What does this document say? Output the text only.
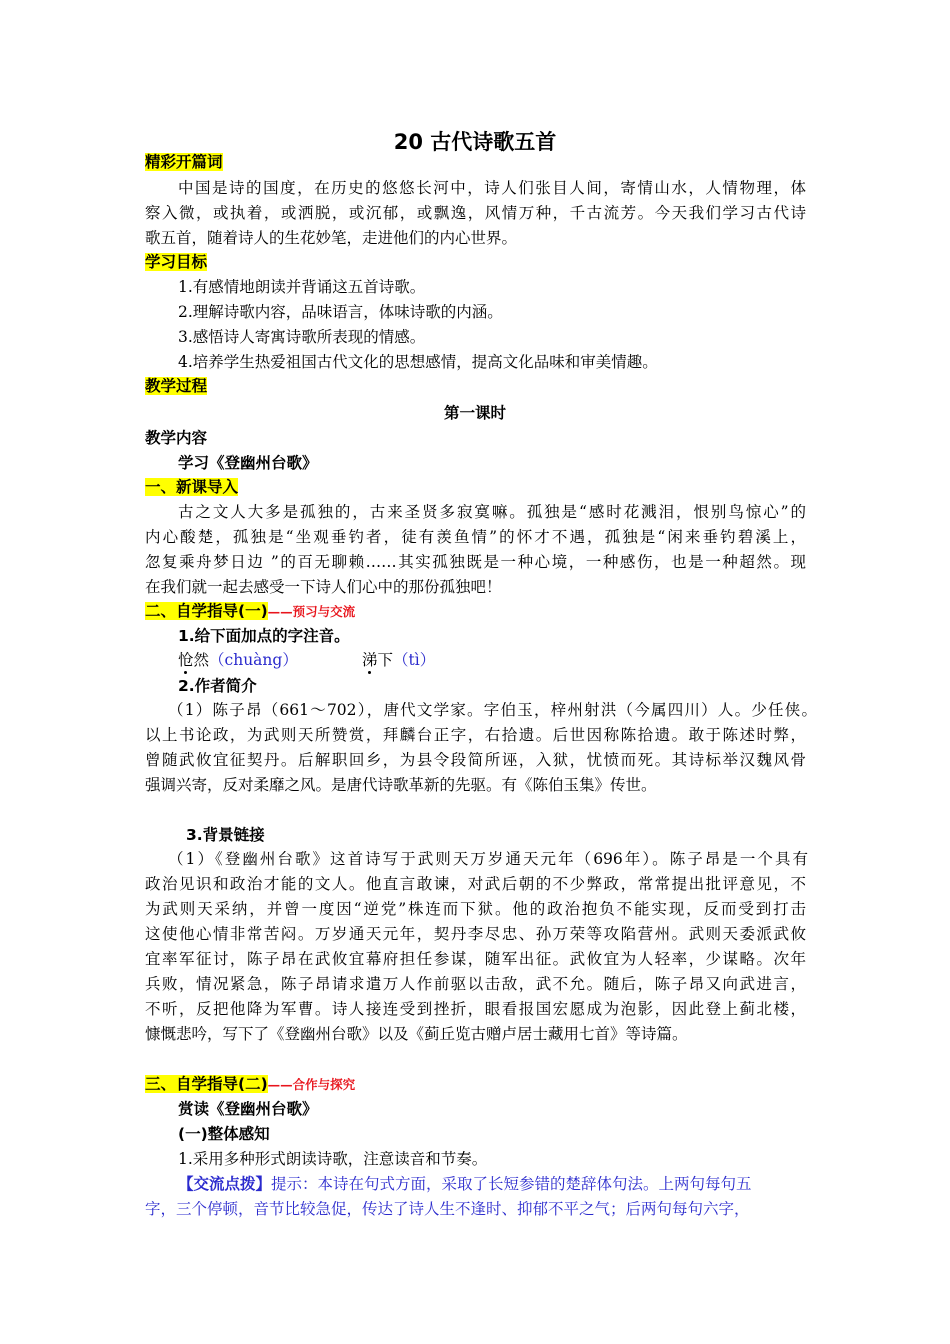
20 古代诗歌五首
精彩开篇词
中国是诗的国度，在历史的悠悠长河中，诗人们张目人间，寄情山水，人情物理，体
察入微，或执着，或洒脱，或沉郁，或飘逸，风情万种，千古流芳。今天我们学习古代诗
歌五首，随着诗人的生花妙笔，走进他们的内心世界。
学习目标
1.有感情地朗读并背诵这五首诗歌。
2.理解诗歌内容，品味语言，体味诗歌的内涵。
3.感悟诗人寄寓诗歌所表现的情感。
4.培养学生热爱祖国古代文化的思想感情，提高文化品味和审美情趣。
教学过程
第一课时
教学内容
学习《登幽州台歌》
一、新课导入
古之文人大多是孤独的，古来圣贤多寂寞嘛。孤独是“感时花溅泪，恨别鸟惊心”的
内心酸楚，孤独是“坐观垂钓者，徒有羡鱼情”的怀才不遇，孤独是“闲来垂钓碧溪上，
忽复乘舟梦日边 ”的百无聊赖……其实孤独既是一种心境，一种感伤，也是一种超然。现
在我们就一起去感受一下诗人们心中的那份孤独吧！
二、自学指导(一)——预习与交流
1.给下面加点的字注音。
怆然（chuàng）	涕下（tì）
2.作者简介
（1）陈子昂（661～702），唐代文学家。字伯玉，梓州射洪（今属四川）人。少任侠。
以上书论政，为武则天所赞赏，拜麟台正字，右拾遗。后世因称陈拾遗。敢于陈述时弊，
曾随武攸宜征契丹。后解职回乡，为县令段简所诬，入狱，忧愤而死。其诗标举汉魏风骨
强调兴寄，反对柔靡之风。是唐代诗歌革新的先驱。有《陈伯玉集》传世。
3.背景链接
（1）《登幽州台歌》这首诗写于武则天万岁通天元年（696年）。陈子昂是一个具有
政治见识和政治才能的文人。他直言敢谏，对武后朝的不少弊政，常常提出批评意见，不
为武则天采纳，并曾一度因“逆党”株连而下狱。他的政治抱负不能实现，反而受到打击
这使他心情非常苦闷。万岁通天元年，契丹李尽忠、孙万荣等攻陷营州。武则天委派武攸
宜率军征讨，陈子昂在武攸宜幕府担任参谋，随军出征。武攸宜为人轻率，少谋略。次年
兵败，情况紧急，陈子昂请求遣万人作前驱以击敌，武不允。随后，陈子昂又向武进言，
不听，反把他降为军曹。诗人接连受到挫折，眼看报国宏愿成为泡影，因此登上蓟北楼，
慷慨悲吟，写下了《登幽州台歌》以及《蓟丘览古赠卢居士藏用七首》等诗篇。
三、自学指导(二)——合作与探究
赏读《登幽州台歌》
(一)整体感知
1.采用多种形式朗读诗歌，注意读音和节奏。
【交流点拨】提示：本诗在句式方面，采取了长短参错的楚辞体句法。上两句每句五
字，三个停顿，音节比较急促，传达了诗人生不逢时、抑郁不平之气；后两句每句六字，
